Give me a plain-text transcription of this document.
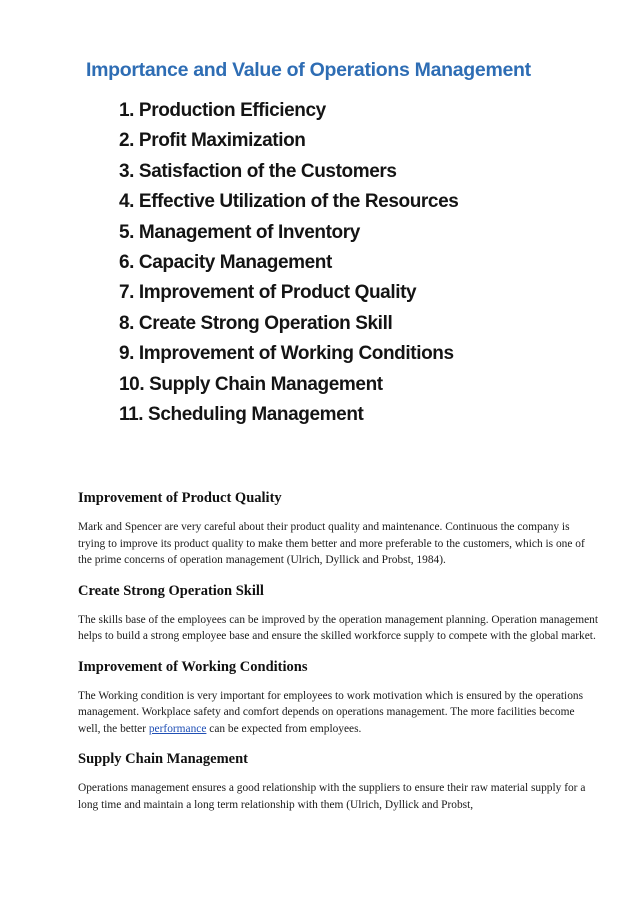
Importance and Value of Operations Management
1. Production Efficiency
2. Profit Maximization
3. Satisfaction of the Customers
4. Effective Utilization of the Resources
5. Management of Inventory
6. Capacity Management
7. Improvement of Product Quality
8. Create Strong Operation Skill
9. Improvement of Working Conditions
10. Supply Chain Management
11. Scheduling Management
Improvement of Product Quality

Mark and Spencer are very careful about their product quality and maintenance. Continuous the company is trying to improve its product quality to make them better and more preferable to the customers, which is one of the prime concerns of operation management (Ulrich, Dyllick and Probst, 1984).

Create Strong Operation Skill

The skills base of the employees can be improved by the operation management planning. Operation management helps to build a strong employee base and ensure the skilled workforce supply to compete with the global market.

Improvement of Working Conditions

The Working condition is very important for employees to work motivation which is ensured by the operations management. Workplace safety and comfort depends on operations management. The more facilities become well, the better performance can be expected from employees.

Supply Chain Management

Operations management ensures a good relationship with the suppliers to ensure their raw material supply for a long time and maintain a long term relationship with them (Ulrich, Dyllick and Probst,
